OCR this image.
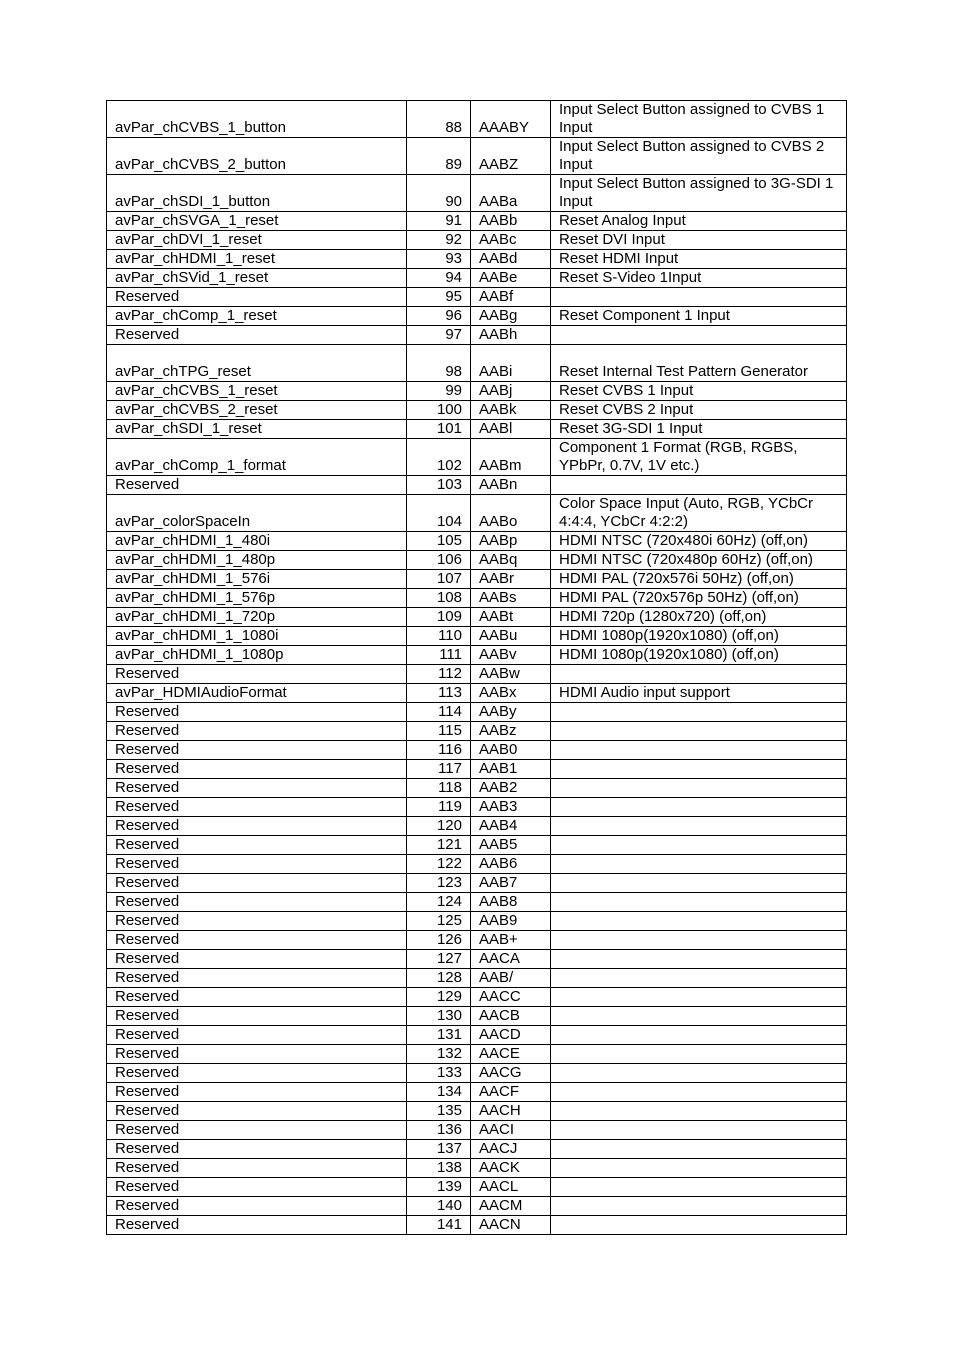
avPar_chCVBS_1_button	88	AAABY	Input Select Button assigned to CVBS 1 Input
avPar_chCVBS_2_button	89	AABZ	Input Select Button assigned to CVBS 2 Input
avPar_chSDI_1_button	90	AABa	Input Select Button assigned to 3G-SDI 1 Input
avPar_chSVGA_1_reset	91	AABb	Reset Analog Input
avPar_chDVI_1_reset	92	AABc	Reset DVI Input
avPar_chHDMI_1_reset	93	AABd	Reset HDMI Input
avPar_chSVid_1_reset	94	AABe	Reset S-Video 1Input
Reserved	95	AABf	
avPar_chComp_1_reset	96	AABg	Reset Component 1 Input
Reserved	97	AABh	
avPar_chTPG_reset	98	AABi	Reset Internal Test Pattern Generator
avPar_chCVBS_1_reset	99	AABj	Reset CVBS 1 Input
avPar_chCVBS_2_reset	100	AABk	Reset CVBS 2 Input
avPar_chSDI_1_reset	101	AABl	Reset 3G-SDI 1 Input
avPar_chComp_1_format	102	AABm	Component 1 Format (RGB, RGBS, YPbPr, 0.7V, 1V etc.)
Reserved	103	AABn	
avPar_colorSpaceIn	104	AABo	Color Space Input (Auto, RGB, YCbCr 4:4:4, YCbCr 4:2:2)
avPar_chHDMI_1_480i	105	AABp	HDMI NTSC (720x480i 60Hz) (off,on)
avPar_chHDMI_1_480p	106	AABq	HDMI NTSC (720x480p 60Hz) (off,on)
avPar_chHDMI_1_576i	107	AABr	HDMI PAL (720x576i 50Hz) (off,on)
avPar_chHDMI_1_576p	108	AABs	HDMI PAL (720x576p 50Hz) (off,on)
avPar_chHDMI_1_720p	109	AABt	HDMI 720p (1280x720) (off,on)
avPar_chHDMI_1_1080i	110	AABu	HDMI 1080p(1920x1080) (off,on)
avPar_chHDMI_1_1080p	111	AABv	HDMI 1080p(1920x1080) (off,on)
Reserved	112	AABw	
avPar_HDMIAudioFormat	113	AABx	HDMI Audio input support
Reserved	114	AABy	
Reserved	115	AABz	
Reserved	116	AAB0	
Reserved	117	AAB1	
Reserved	118	AAB2	
Reserved	119	AAB3	
Reserved	120	AAB4	
Reserved	121	AAB5	
Reserved	122	AAB6	
Reserved	123	AAB7	
Reserved	124	AAB8	
Reserved	125	AAB9	
Reserved	126	AAB+	
Reserved	127	AACA	
Reserved	128	AAB/	
Reserved	129	AACC	
Reserved	130	AACB	
Reserved	131	AACD	
Reserved	132	AACE	
Reserved	133	AACG	
Reserved	134	AACF	
Reserved	135	AACH	
Reserved	136	AACI	
Reserved	137	AACJ	
Reserved	138	AACK	
Reserved	139	AACL	
Reserved	140	AACM	
Reserved	141	AACN	
